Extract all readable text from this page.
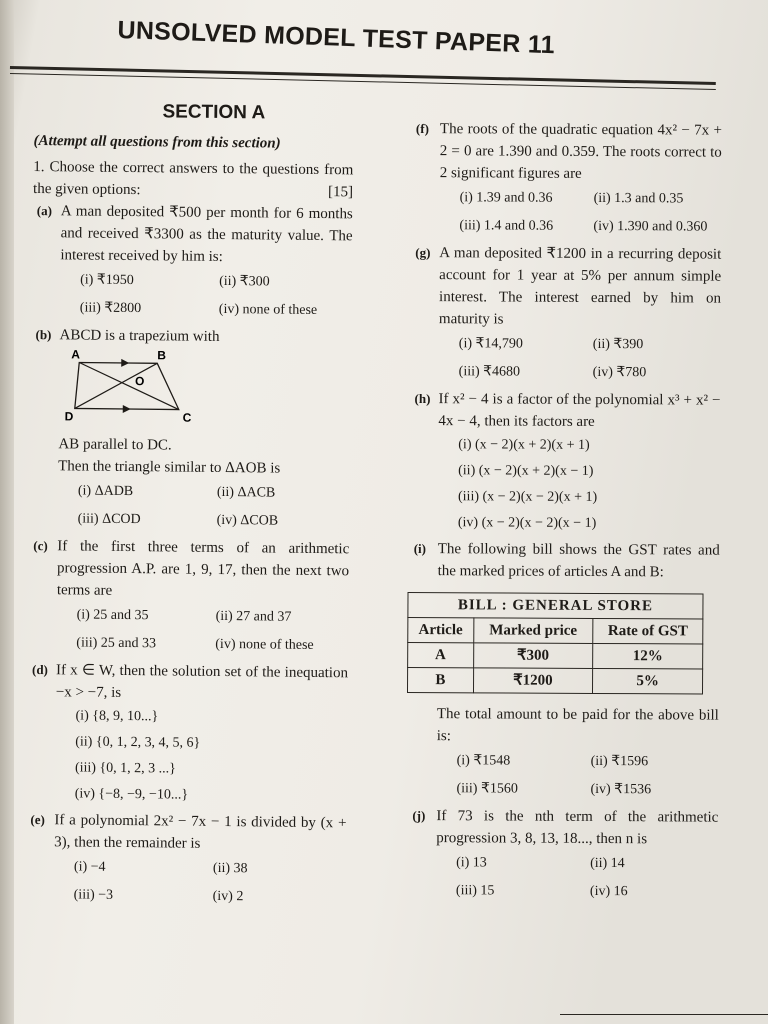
UNSOLVED MODEL TEST PAPER 11
SECTION A
(Attempt all questions from this section)
1. Choose the correct answers to the questions from the given options:	[15]
(a) A man deposited ₹500 per month for 6 months and received ₹3300 as the maturity value. The interest received by him is:
(i) ₹1950	(ii) ₹300
(iii) ₹2800	(iv) none of these
(b) ABCD is a trapezium with
A	B
C
D
O
AB parallel to DC.
Then the triangle similar to ΔAOB is
(i) ΔADB	(ii) ΔACB
(iii) ΔCOD	(iv) ΔCOB
(c) If the first three terms of an arithmetic progression A.P. are 1, 9, 17, then the next two terms are
(i) 25 and 35	(ii) 27 and 37
(iii) 25 and 33	(iv) none of these
(d) If x ∈ W, then the solution set of the inequation −x > −7, is
(i) {8, 9, 10...}
(ii) {0, 1, 2, 3, 4, 5, 6}
(iii) {0, 1, 2, 3 ...}
(iv) {−8, −9, −10...}
(e) If a polynomial 2x² − 7x − 1 is divided by (x + 3), then the remainder is
(i) −4	(ii) 38
(iii) −3	(iv) 2
(f) The roots of the quadratic equation 4x² − 7x + 2 = 0 are 1.390 and 0.359. The roots correct to 2 significant figures are
(i) 1.39 and 0.36	(ii) 1.3 and 0.35
(iii) 1.4 and 0.36	(iv) 1.390 and 0.360
(g) A man deposited ₹1200 in a recurring deposit account for 1 year at 5% per annum simple interest. The interest earned by him on maturity is
(i) ₹14,790	(ii) ₹390
(iii) ₹4680	(iv) ₹780
(h) If x² − 4 is a factor of the polynomial x³ + x² − 4x − 4, then its factors are
(i) (x − 2)(x + 2)(x + 1)
(ii) (x − 2)(x + 2)(x − 1)
(iii) (x − 2)(x − 2)(x + 1)
(iv) (x − 2)(x − 2)(x − 1)
(i) The following bill shows the GST rates and the marked prices of articles A and B:
BILL : GENERAL STORE		
Article	Marked price	Rate of GST
A	₹300	12%
B	₹1200	5%
The total amount to be paid for the above bill is:
(i) ₹1548	(ii) ₹1596
(iii) ₹1560	(iv) ₹1536
(j) If 73 is the nth term of the arithmetic progression 3, 8, 13, 18..., then n is
(i) 13	(ii) 14
(iii) 15	(iv) 16
